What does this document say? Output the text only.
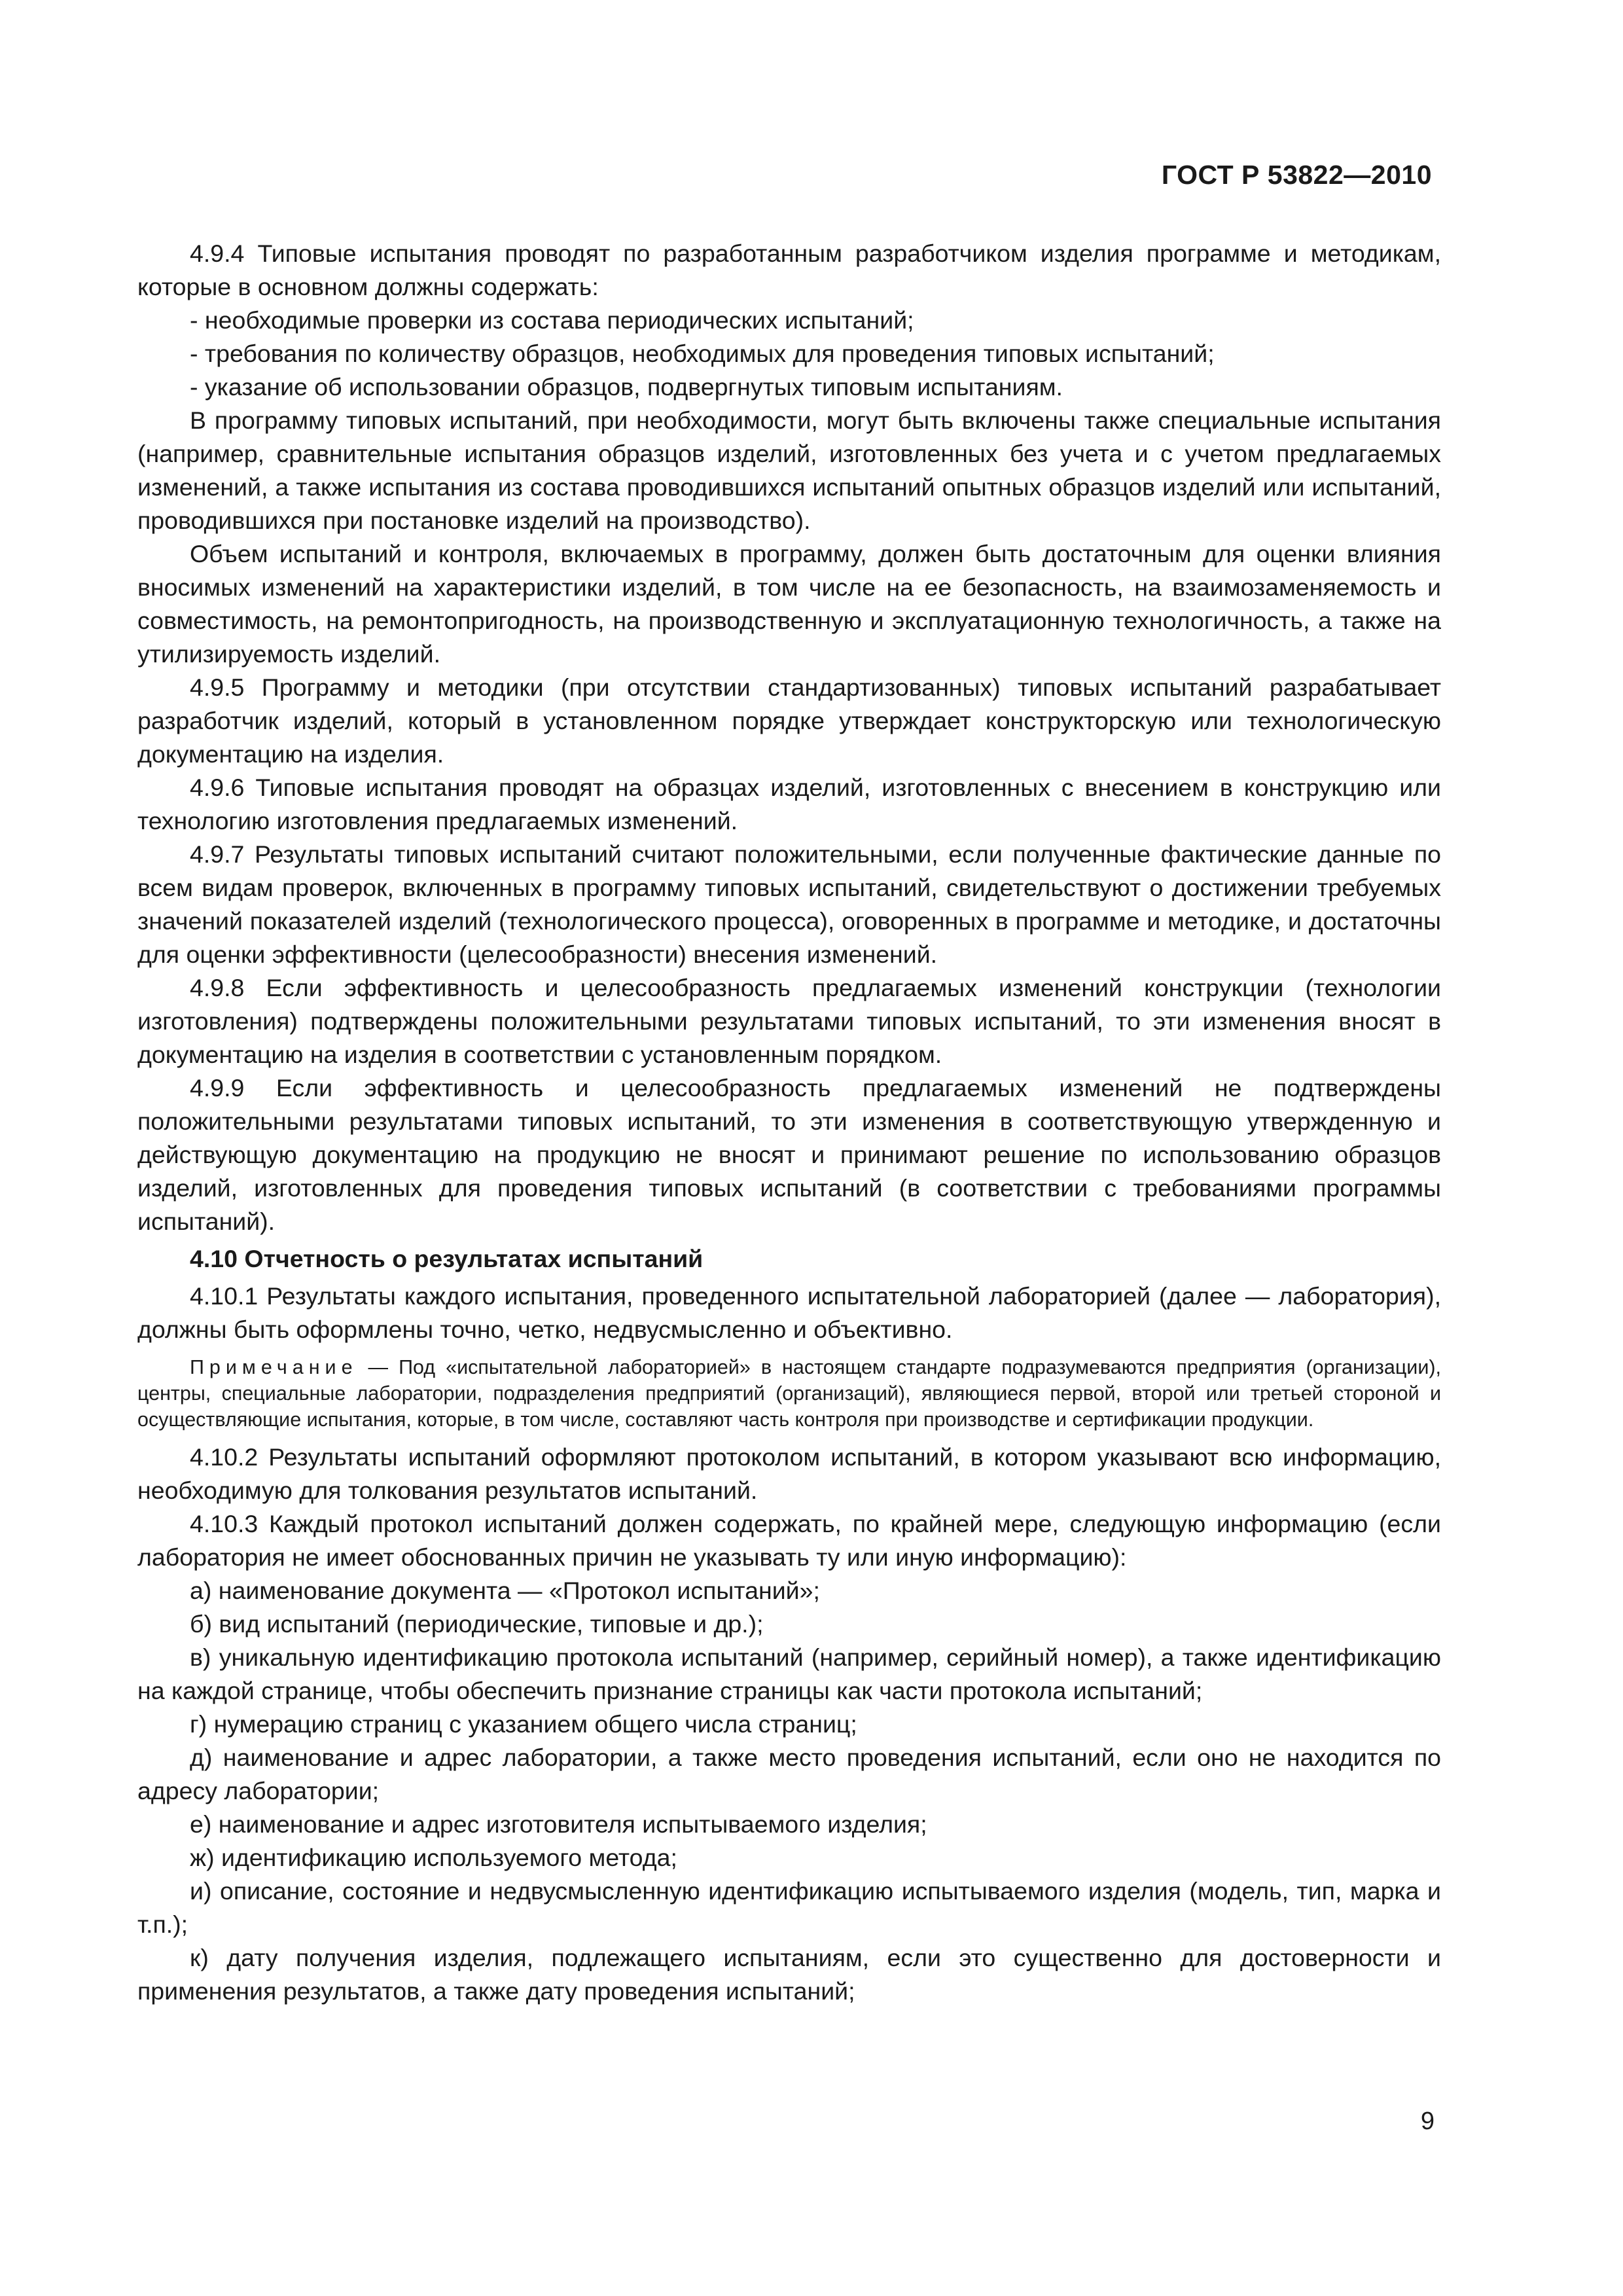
ГОСТ Р 53822—2010

4.9.4 Типовые испытания проводят по разработанным разработчиком изделия программе и методикам, которые в основном должны содержать:

- необходимые проверки из состава периодических испытаний;

- требования по количеству образцов, необходимых для проведения типовых испытаний;

- указание об использовании образцов, подвергнутых типовым испытаниям.

В программу типовых испытаний, при необходимости, могут быть включены также специальные испытания (например, сравнительные испытания образцов изделий, изготовленных без учета и с учетом предлагаемых изменений, а также испытания из состава проводившихся испытаний опытных образцов изделий или испытаний, проводившихся при постановке изделий на производство).

Объем испытаний и контроля, включаемых в программу, должен быть достаточным для оценки влияния вносимых изменений на характеристики изделий, в том числе на ее безопасность, на взаимозаменяемость и совместимость, на ремонтопригодность, на производственную и эксплуатационную технологичность, а также на утилизируемость изделий.

4.9.5 Программу и методики (при отсутствии стандартизованных) типовых испытаний разрабатывает разработчик изделий, который в установленном порядке утверждает конструкторскую или технологическую документацию на изделия.

4.9.6 Типовые испытания проводят на образцах изделий, изготовленных с внесением в конструкцию или технологию изготовления предлагаемых изменений.

4.9.7 Результаты типовых испытаний считают положительными, если полученные фактические данные по всем видам проверок, включенных в программу типовых испытаний, свидетельствуют о достижении требуемых значений показателей изделий (технологического процесса), оговоренных в программе и методике, и достаточны для оценки эффективности (целесообразности) внесения изменений.

4.9.8 Если эффективность и целесообразность предлагаемых изменений конструкции (технологии изготовления) подтверждены положительными результатами типовых испытаний, то эти изменения вносят в документацию на изделия в соответствии с установленным порядком.

4.9.9 Если эффективность и целесообразность предлагаемых изменений не подтверждены положительными результатами типовых испытаний, то эти изменения в соответствующую утвержденную и действующую документацию на продукцию не вносят и принимают решение по использованию образцов изделий, изготовленных для проведения типовых испытаний (в соответствии с требованиями программы испытаний).

4.10 Отчетность о результатах испытаний

4.10.1 Результаты каждого испытания, проведенного испытательной лабораторией (далее — лаборатория), должны быть оформлены точно, четко, недвусмысленно и объективно.

Примечание — Под «испытательной лабораторией» в настоящем стандарте подразумеваются предприятия (организации), центры, специальные лаборатории, подразделения предприятий (организаций), являющиеся первой, второй или третьей стороной и осуществляющие испытания, которые, в том числе, составляют часть контроля при производстве и сертификации продукции.

4.10.2 Результаты испытаний оформляют протоколом испытаний, в котором указывают всю информацию, необходимую для толкования результатов испытаний.

4.10.3 Каждый протокол испытаний должен содержать, по крайней мере, следующую информацию (если лаборатория не имеет обоснованных причин не указывать ту или иную информацию):

а) наименование документа — «Протокол испытаний»;

б) вид испытаний (периодические, типовые и др.);

в) уникальную идентификацию протокола испытаний (например, серийный номер), а также идентификацию на каждой странице, чтобы обеспечить признание страницы как части протокола испытаний;

г) нумерацию страниц с указанием общего числа страниц;

д) наименование и адрес лаборатории, а также место проведения испытаний, если оно не находится по адресу лаборатории;

е) наименование и адрес изготовителя испытываемого изделия;

ж) идентификацию используемого метода;

и) описание, состояние и недвусмысленную идентификацию испытываемого изделия (модель, тип, марка и т.п.);

к) дату получения изделия, подлежащего испытаниям, если это существенно для достоверности и применения результатов, а также дату проведения испытаний;

9
